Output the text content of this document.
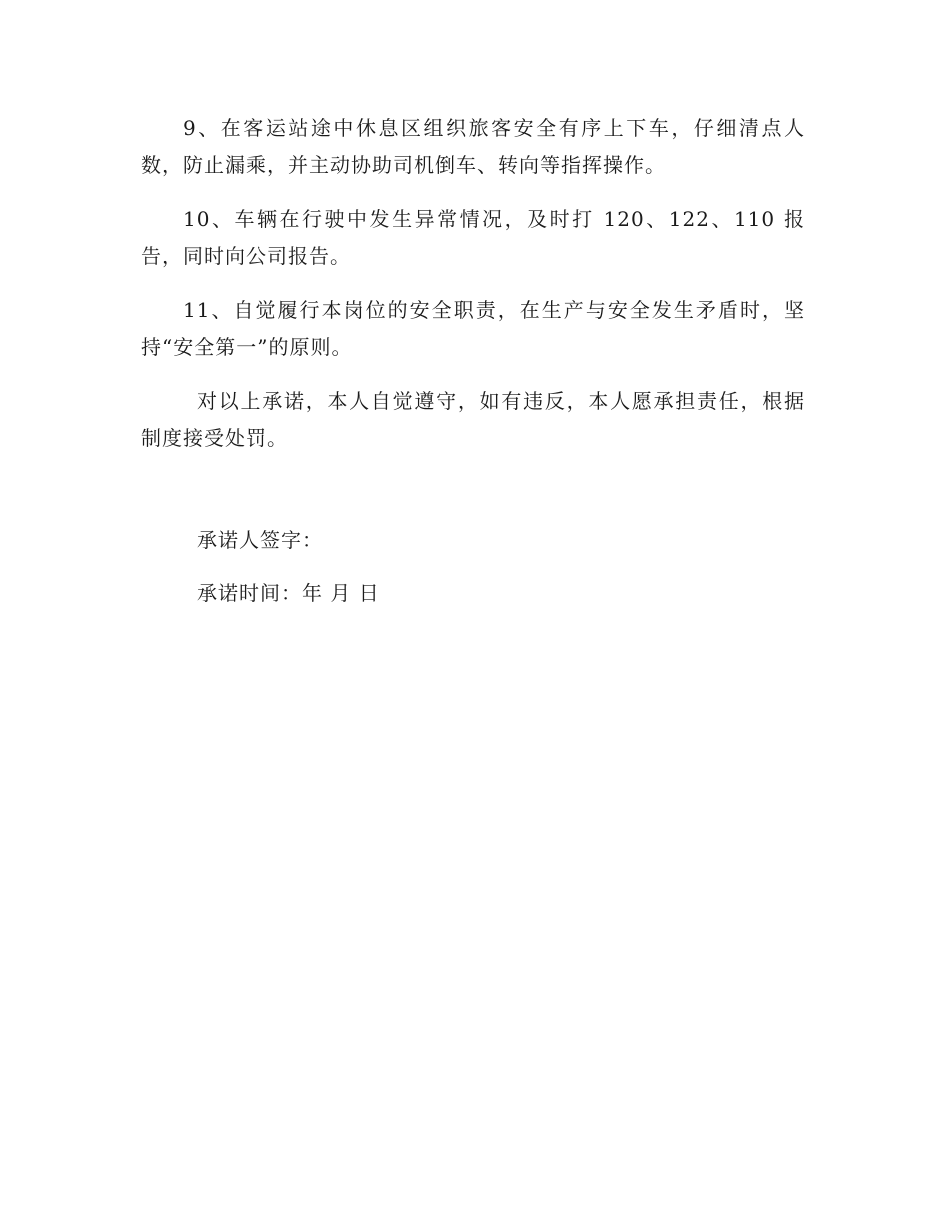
9、在客运站途中休息区组织旅客安全有序上下车，仔细清点人数，防止漏乘，并主动协助司机倒车、转向等指挥操作。

10、车辆在行驶中发生异常情况，及时打 120、122、110 报告，同时向公司报告。

11、自觉履行本岗位的安全职责，在生产与安全发生矛盾时，坚持“安全第一”的原则。

对以上承诺，本人自觉遵守，如有违反，本人愿承担责任，根据制度接受处罚。

承诺人签字：
承诺时间：年 月 日
